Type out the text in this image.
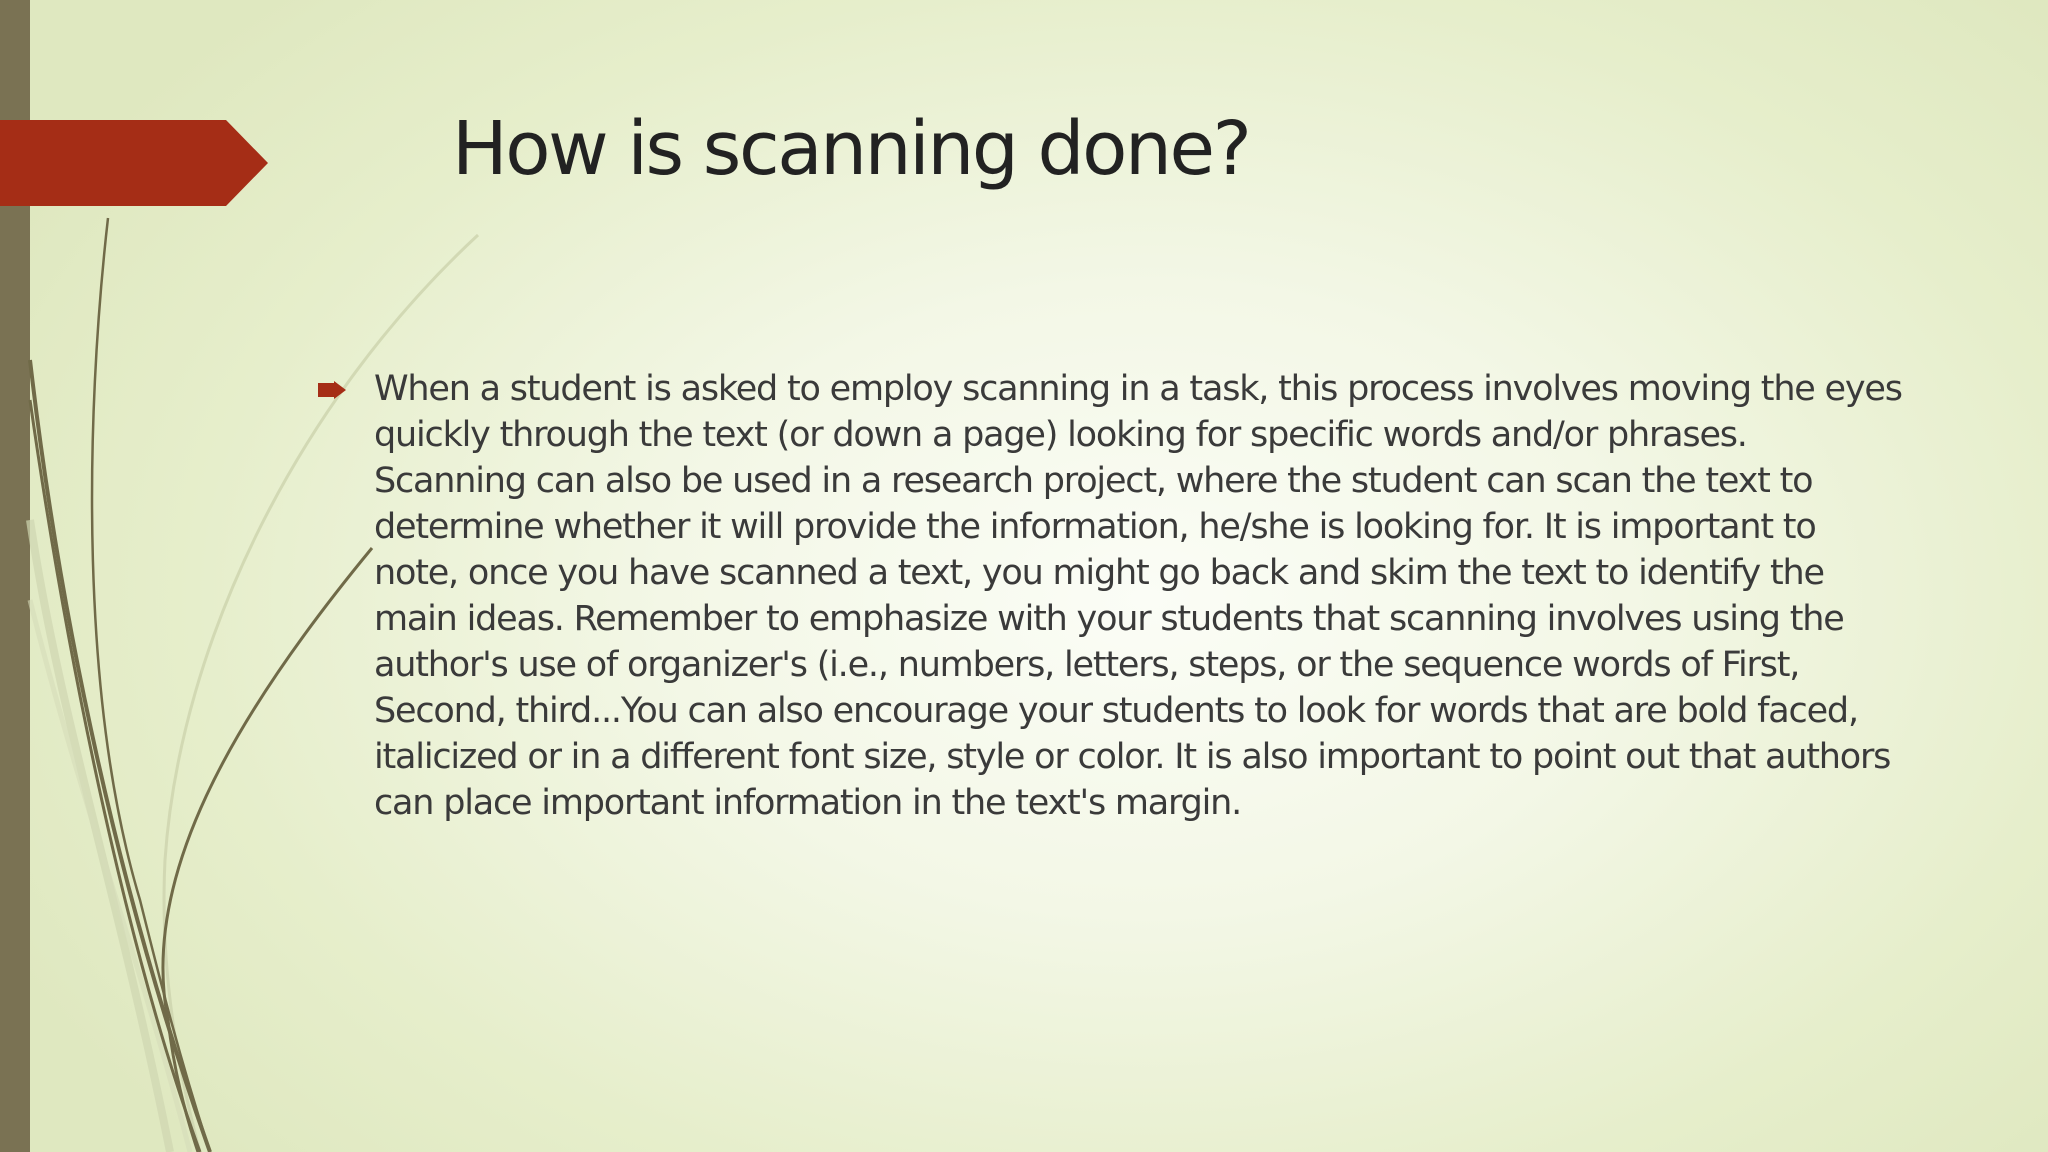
How is scanning done?

When a student is asked to employ scanning in a task, this process involves moving the eyes quickly through the text (or down a page) looking for specific words and/or phrases. Scanning can also be used in a research project, where the student can scan the text to determine whether it will provide the information, he/she is looking for. It is important to note, once you have scanned a text, you might go back and skim the text to identify the main ideas. Remember to emphasize with your students that scanning involves using the author's use of organizer's (i.e., numbers, letters, steps, or the sequence words of First, Second, third...You can also encourage your students to look for words that are bold faced, italicized or in a different font size, style or color. It is also important to point out that authors can place important information in the text's margin.
